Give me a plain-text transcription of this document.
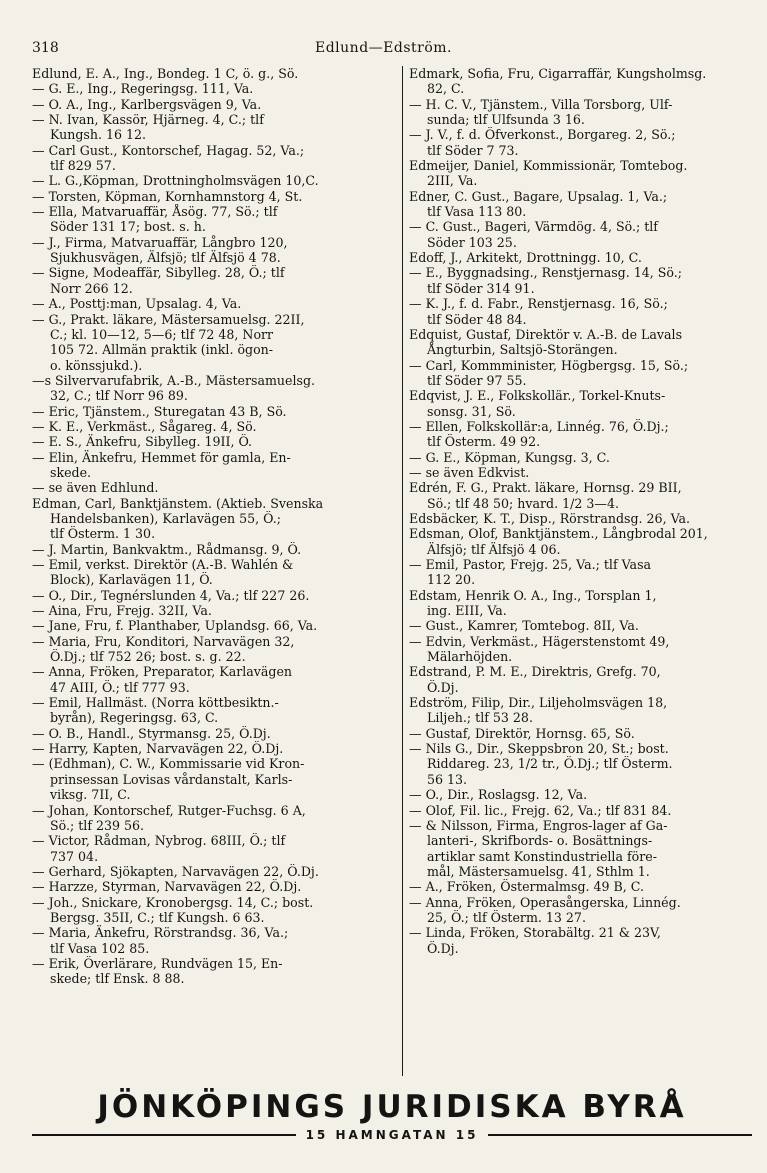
318	Edlund—Edström.
Edlund, E. A., Ing., Bondeg. 1 C, ö. g., Sö.
— G. E., Ing., Regeringsg. 111, Va.
— O. A., Ing., Karlbergsvägen 9, Va.
— N. Ivan, Kassör, Hjärneg. 4, C.; tlf
Kungsh. 16 12.
— Carl Gust., Kontorschef, Hagag. 52, Va.;
tlf 829 57.
— L. G.,Köpman, Drottningholmsvägen 10,C.
— Torsten, Köpman, Kornhamnstorg 4, St.
— Ella, Matvaruaffär, Åsög. 77, Sö.; tlf
Söder 131 17; bost. s. h.
— J., Firma, Matvaruaffär, Långbro 120,
Sjukhusvägen, Älfsjö; tlf Älfsjö 4 78.
— Signe, Modeaffär, Sibylleg. 28, Ö.; tlf
Norr 266 12.
— A., Posttj:man, Upsalag. 4, Va.
— G., Prakt. läkare, Mästersamuelsg. 22II,
C.; kl. 10—12, 5—6; tlf 72 48, Norr
105 72. Allmän praktik (inkl. ögon-
o. könssjukd.).
—s Silvervarufabrik, A.-B., Mästersamuelsg.
32, C.; tlf Norr 96 89.
— Eric, Tjänstem., Sturegatan 43 B, Sö.
— K. E., Verkmäst., Sågareg. 4, Sö.
— E. S., Änkefru, Sibylleg. 19II, Ö.
— Elin, Änkefru, Hemmet för gamla, En-
skede.
— se även Edhlund.
Edman, Carl, Banktjänstem. (Aktieb. Svenska
Handelsbanken), Karlavägen 55, Ö.;
tlf Österm. 1 30.
— J. Martin, Bankvaktm., Rådmansg. 9, Ö.
— Emil, verkst. Direktör (A.-B. Wahlén &
Block), Karlavägen 11, Ö.
— O., Dir., Tegnérslunden 4, Va.; tlf 227 26.
— Aina, Fru, Frejg. 32II, Va.
— Jane, Fru, f. Planthaber, Uplandsg. 66, Va.
— Maria, Fru, Konditori, Narvavägen 32,
Ö.Dj.; tlf 752 26; bost. s. g. 22.
— Anna, Fröken, Preparator, Karlavägen
47 AIII, Ö.; tlf 777 93.
— Emil, Hallmäst. (Norra köttbesiktn.-
byrån), Regeringsg. 63, C.
— O. B., Handl., Styrmansg. 25, Ö.Dj.
— Harry, Kapten, Narvavägen 22, Ö.Dj.
— (Edhman), C. W., Kommissarie vid Kron-
prinsessan Lovisas vårdanstalt, Karls-
viksg. 7II, C.
— Johan, Kontorschef, Rutger-Fuchsg. 6 A,
Sö.; tlf 239 56.
— Victor, Rådman, Nybrog. 68III, Ö.; tlf
737 04.
— Gerhard, Sjökapten, Narvavägen 22, Ö.Dj.
— Harzze, Styrman, Narvavägen 22, Ö.Dj.
— Joh., Snickare, Kronobergsg. 14, C.; bost.
Bergsg. 35II, C.; tlf Kungsh. 6 63.
— Maria, Änkefru, Rörstrandsg. 36, Va.;
tlf Vasa 102 85.
— Erik, Överlärare, Rundvägen 15, En-
skede; tlf Ensk. 8 88.
Edmark, Sofia, Fru, Cigarraffär, Kungsholmsg.
82, C.
— H. C. V., Tjänstem., Villa Torsborg, Ulf-
sunda; tlf Ulfsunda 3 16.
— J. V., f. d. Öfverkonst., Borgareg. 2, Sö.;
tlf Söder 7 73.
Edmeijer, Daniel, Kommissionär, Tomtebog.
2III, Va.
Edner, C. Gust., Bagare, Upsalag. 1, Va.;
tlf Vasa 113 80.
— C. Gust., Bageri, Värmdög. 4, Sö.; tlf
Söder 103 25.
Edoff, J., Arkitekt, Drottningg. 10, C.
— E., Byggnadsing., Renstjernasg. 14, Sö.;
tlf Söder 314 91.
— K. J., f. d. Fabr., Renstjernasg. 16, Sö.;
tlf Söder 48 84.
Edquist, Gustaf, Direktör v. A.-B. de Lavals
Ångturbin, Saltsjö-Storängen.
— Carl, Kommminister, Högbergsg. 15, Sö.;
tlf Söder 97 55.
Edqvist, J. E., Folkskollär., Torkel-Knuts-
sonsg. 31, Sö.
— Ellen, Folkskollär:a, Linnég. 76, Ö.Dj.;
tlf Österm. 49 92.
— G. E., Köpman, Kungsg. 3, C.
— se även Edkvist.
Edrén, F. G., Prakt. läkare, Hornsg. 29 BII,
Sö.; tlf 48 50; hvard. 1/2 3—4.
Edsbäcker, K. T., Disp., Rörstrandsg. 26, Va.
Edsman, Olof, Banktjänstem., Långbrodal 201,
Älfsjö; tlf Älfsjö 4 06.
— Emil, Pastor, Frejg. 25, Va.; tlf Vasa
112 20.
Edstam, Henrik O. A., Ing., Torsplan 1,
ing. EIII, Va.
— Gust., Kamrer, Tomtebog. 8II, Va.
— Edvin, Verkmäst., Hägerstenstomt 49,
Mälarhöjden.
Edstrand, P. M. E., Direktris, Grefg. 70,
Ö.Dj.
Edström, Filip, Dir., Liljeholmsvägen 18,
Liljeh.; tlf 53 28.
— Gustaf, Direktör, Hornsg. 65, Sö.
— Nils G., Dir., Skeppsbron 20, St.; bost.
Riddareg. 23, 1/2 tr., Ö.Dj.; tlf Österm.
56 13.
— O., Dir., Roslagsg. 12, Va.
— Olof, Fil. lic., Frejg. 62, Va.; tlf 831 84.
— & Nilsson, Firma, Engros-lager af Ga-
lanteri-, Skrifbords- o. Bosättnings-
artiklar samt Konstindustriella före-
mål, Mästersamuelsg. 41, Sthlm 1.
— A., Fröken, Östermalmsg. 49 B, C.
— Anna, Fröken, Operasångerska, Linnég.
25, Ö.; tlf Österm. 13 27.
— Linda, Fröken, Storabältg. 21 & 23V,
Ö.Dj.
JÖNKÖPINGS JURIDISKA BYRÅ
15 HAMNGATAN 15
